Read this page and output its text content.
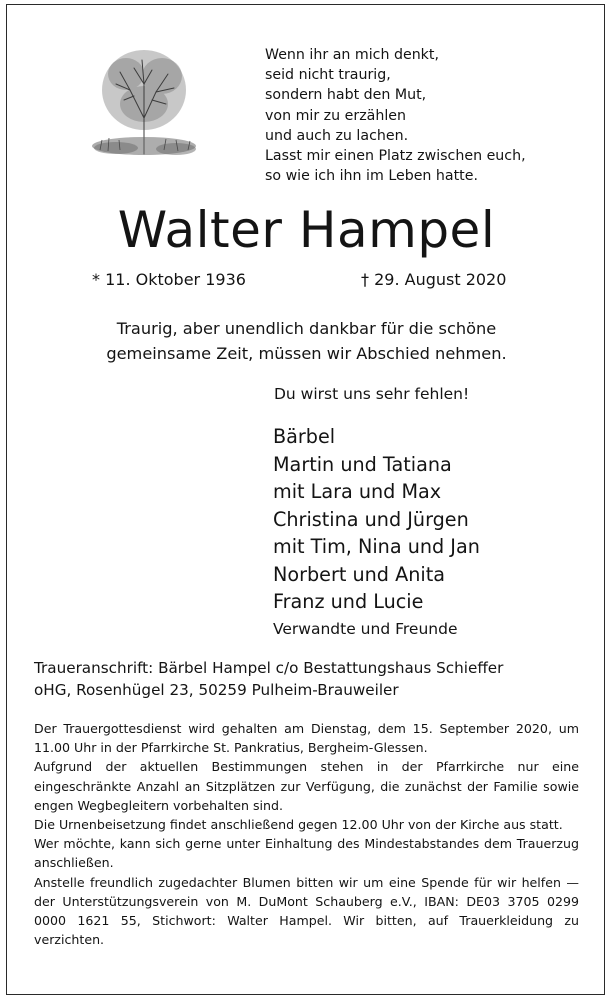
Wenn ihr an mich denkt,
seid nicht traurig,
sondern habt den Mut,
von mir zu erzählen
und auch zu lachen.
Lasst mir einen Platz zwischen euch,
so wie ich ihn im Leben hatte.
Walter Hampel
* 11. Oktober 1936	† 29. August 2020
Traurig, aber unendlich dankbar für die schöne
gemeinsame Zeit, müssen wir Abschied nehmen.
Du wirst uns sehr fehlen!
Bärbel
Martin und Tatiana
mit Lara und Max
Christina und Jürgen
mit Tim, Nina und Jan
Norbert und Anita
Franz und Lucie
Verwandte und Freunde
Traueranschrift: Bärbel Hampel c/o Bestattungshaus Schieffer
oHG, Rosenhügel 23, 50259 Pulheim-Brauweiler

Der Trauergottesdienst wird gehalten am Dienstag, dem 15. September 2020, um 11.00 Uhr in der Pfarrkirche St. Pankratius, Bergheim-Glessen.

Aufgrund der aktuellen Bestimmungen stehen in der Pfarrkirche nur eine eingeschränkte Anzahl an Sitzplätzen zur Verfügung, die zunächst der Familie sowie engen Wegbegleitern vorbehalten sind.

Die Urnenbeisetzung findet anschließend gegen 12.00 Uhr von der Kirche aus statt.

Wer möchte, kann sich gerne unter Einhaltung des Mindestabstandes dem Trauerzug anschließen.

Anstelle freundlich zugedachter Blumen bitten wir um eine Spende für wir helfen — der Unterstützungsverein von M. DuMont Schauberg e.V., IBAN: DE03 3705 0299 0000 1621 55, Stichwort: Walter Hampel. Wir bitten, auf Trauerkleidung zu verzichten.
